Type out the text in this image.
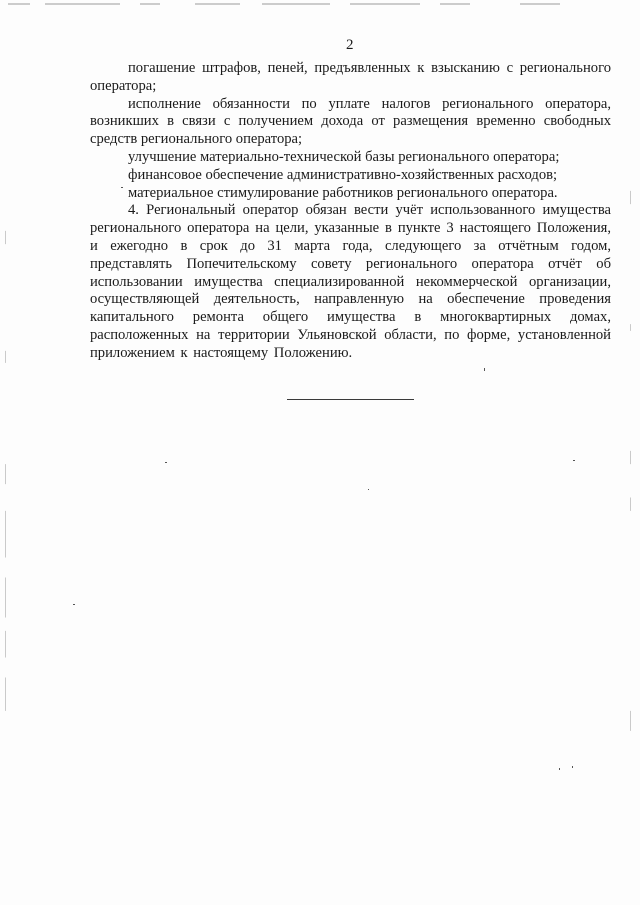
2

погашение штрафов, пеней, предъявленных к взысканию с регионального оператора;

исполнение обязанности по уплате налогов регионального оператора, возникших в связи с получением дохода от размещения временно свободных средств регионального оператора;

улучшение материально-технической базы регионального оператора;

финансовое обеспечение административно-хозяйственных расходов;

материальное стимулирование работников регионального оператора.

4. Региональный оператор обязан вести учёт использованного имущества регионального оператора на цели, указанные в пункте 3 настоящего Положения, и ежегодно в срок до 31 марта года, следующего за отчётным годом, представлять Попечительскому совету регионального оператора отчёт об использовании имущества специализированной некоммерческой организации, осуществляющей деятельность, направленную на обеспечение проведения капитального ремонта общего имущества в многоквартирных домах, расположенных на территории Ульяновской области, по форме, установленной приложением к настоящему Положению.
